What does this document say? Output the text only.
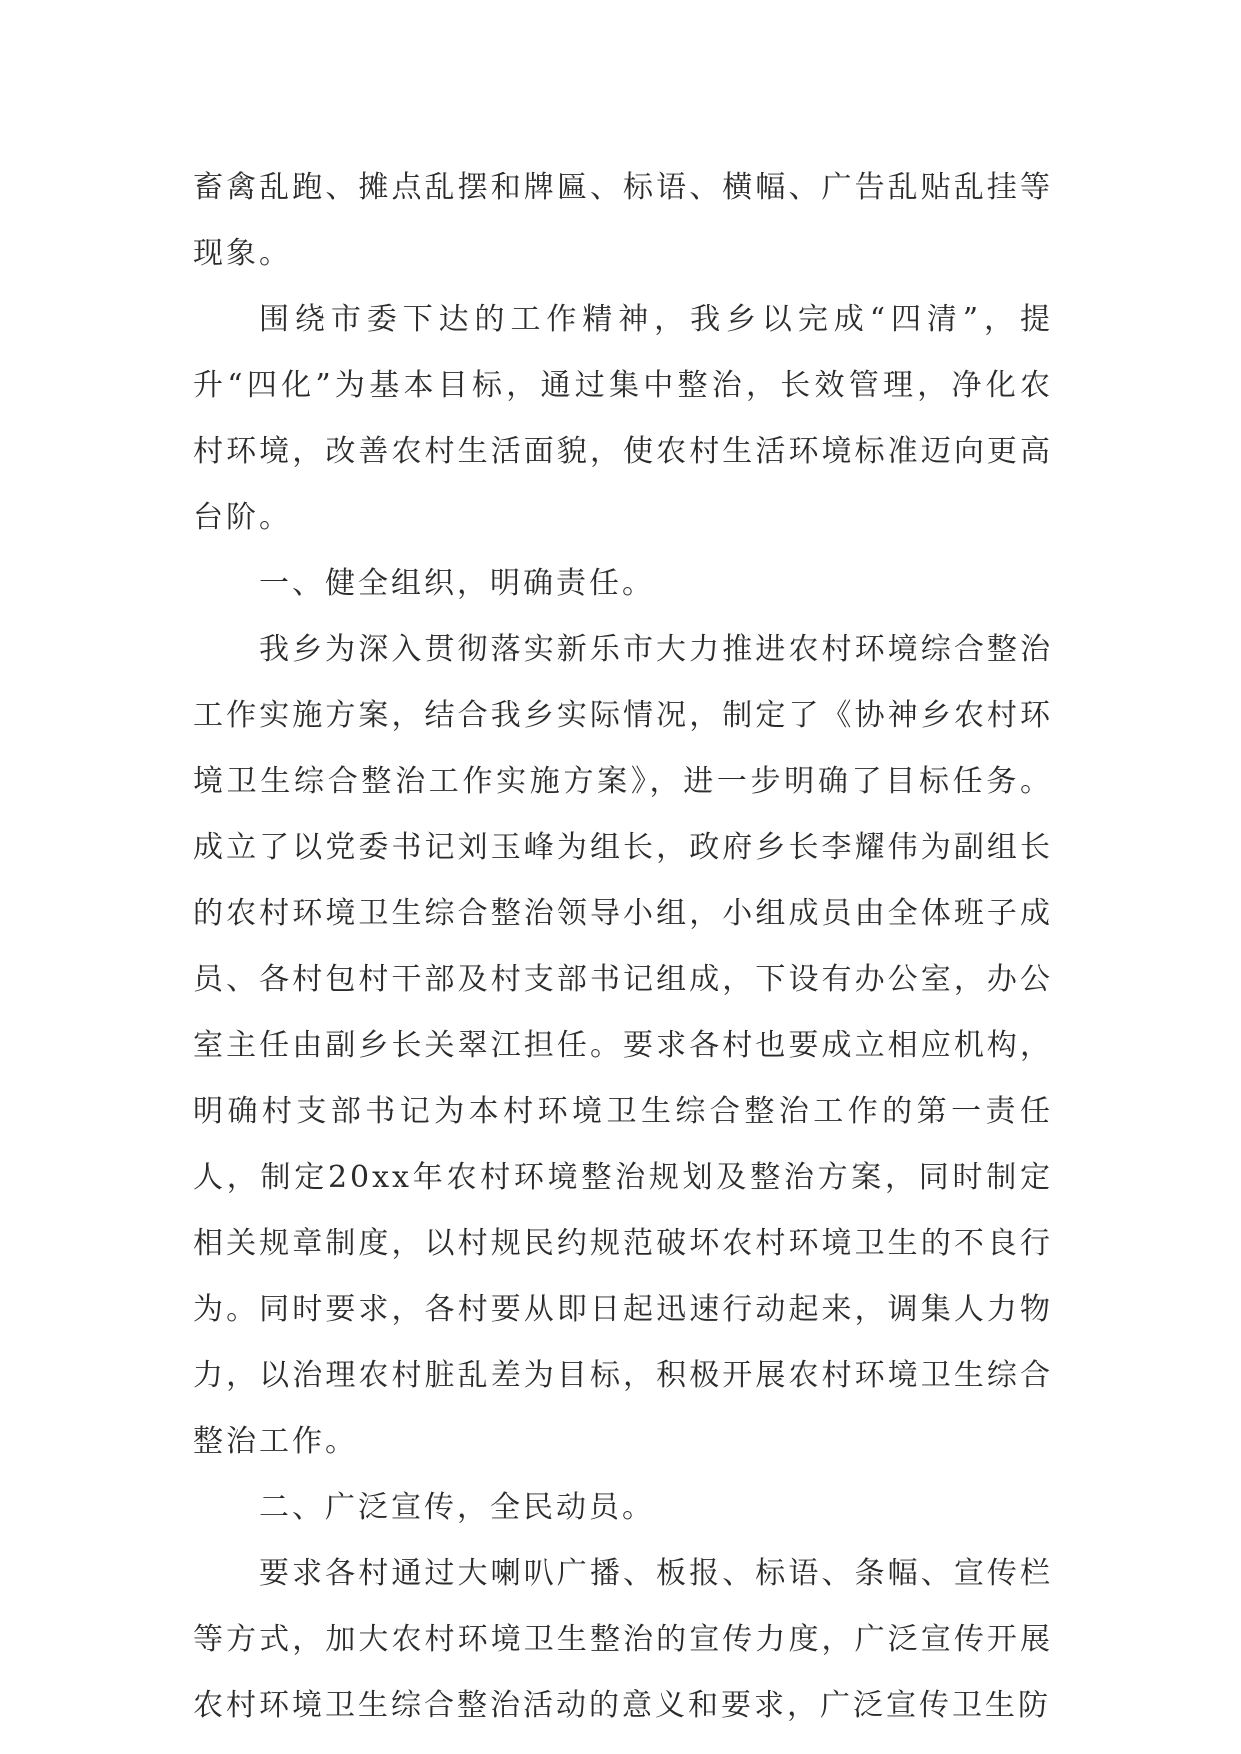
畜禽乱跑、摊点乱摆和牌匾、标语、横幅、广告乱贴乱挂等现象。

围绕市委下达的工作精神，我乡以完成“四清”，提升“四化”为基本目标，通过集中整治，长效管理，净化农村环境，改善农村生活面貌，使农村生活环境标准迈向更高台阶。

一、健全组织，明确责任。

我乡为深入贯彻落实新乐市大力推进农村环境综合整治工作实施方案，结合我乡实际情况，制定了《协神乡农村环境卫生综合整治工作实施方案》，进一步明确了目标任务。成立了以党委书记刘玉峰为组长，政府乡长李耀伟为副组长的农村环境卫生综合整治领导小组，小组成员由全体班子成员、各村包村干部及村支部书记组成，下设有办公室，办公室主任由副乡长关翠江担任。要求各村也要成立相应机构，明确村支部书记为本村环境卫生综合整治工作的第一责任人，制定20xx年农村环境整治规划及整治方案，同时制定相关规章制度，以村规民约规范破坏农村环境卫生的不良行为。同时要求，各村要从即日起迅速行动起来，调集人力物力，以治理农村脏乱差为目标，积极开展农村环境卫生综合整治工作。

二、广泛宣传，全民动员。

要求各村通过大喇叭广播、板报、标语、条幅、宣传栏等方式，加大农村环境卫生整治的宣传力度，广泛宣传开展农村环境卫生综合整治活动的意义和要求，广泛宣传卫生防
